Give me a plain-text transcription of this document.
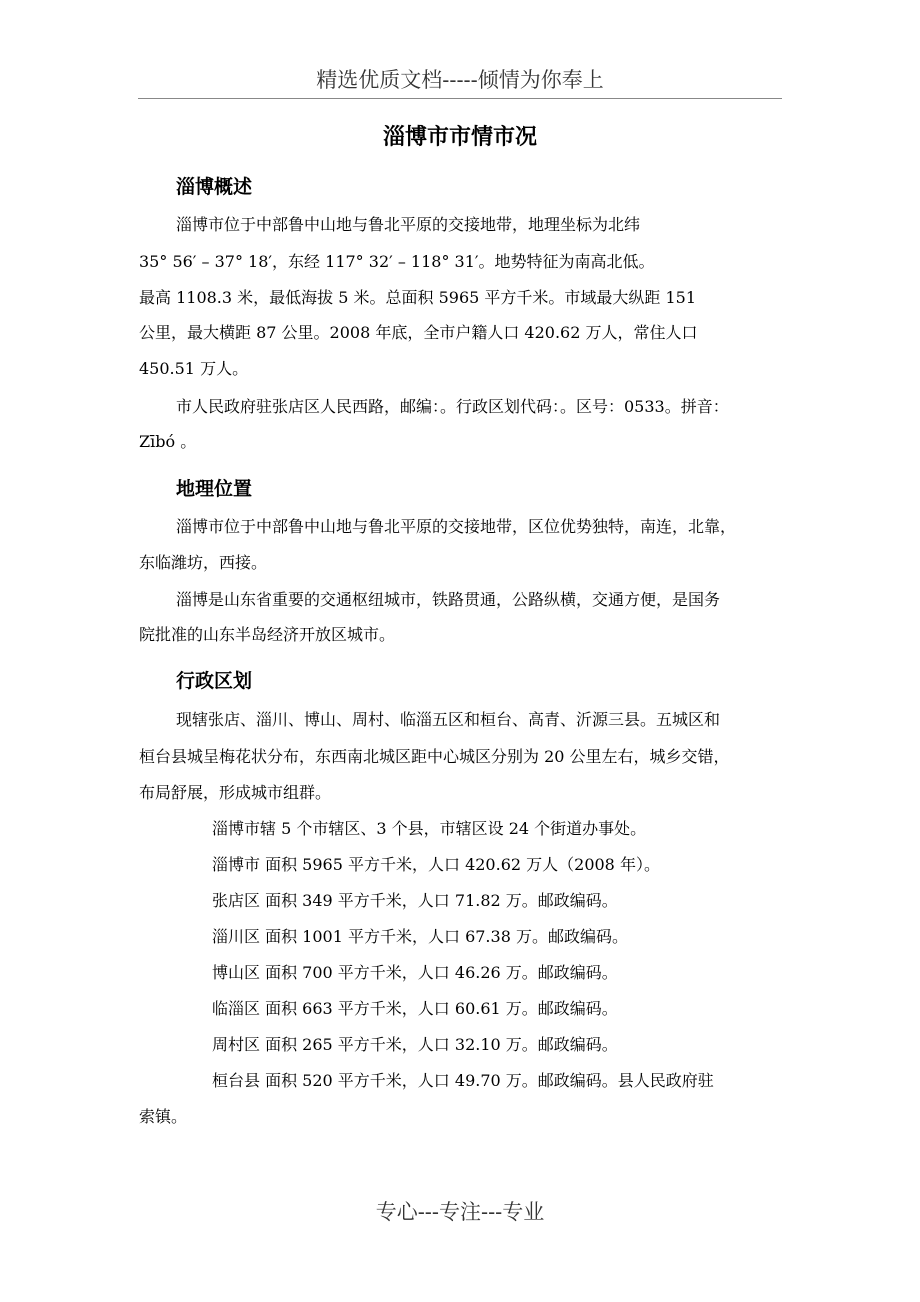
精选优质文档-----倾情为你奉上
淄博市市情市况
淄博概述
淄博市位于中部鲁中山地与鲁北平原的交接地带，地理坐标为北纬
35° 56′ – 37° 18′，东经 117° 32′ – 118° 31′。地势特征为南高北低。
最高 1108.3 米，最低海拔 5 米。总面积 5965 平方千米。市域最大纵距 151
公里，最大横距 87 公里。2008 年底，全市户籍人口 420.62 万人，常住人口
450.51 万人。
市人民政府驻张店区人民西路，邮编：。行政区划代码：。区号：0533。拼音：
Zībó 。
地理位置
淄博市位于中部鲁中山地与鲁北平原的交接地带，区位优势独特，南连，北靠，
东临潍坊，西接。
淄博是山东省重要的交通枢纽城市，铁路贯通，公路纵横，交通方便，是国务
院批准的山东半岛经济开放区城市。
行政区划
现辖张店、淄川、博山、周村、临淄五区和桓台、高青、沂源三县。五城区和
桓台县城呈梅花状分布，东西南北城区距中心城区分别为 20 公里左右，城乡交错，
布局舒展，形成城市组群。
淄博市辖 5 个市辖区、3 个县，市辖区设 24 个街道办事处。
淄博市 面积 5965 平方千米，人口 420.62 万人（2008 年）。
张店区 面积 349 平方千米，人口 71.82 万。邮政编码。
淄川区 面积 1001 平方千米，人口 67.38 万。邮政编码。
博山区 面积 700 平方千米，人口 46.26 万。邮政编码。
临淄区 面积 663 平方千米，人口 60.61 万。邮政编码。
周村区 面积 265 平方千米，人口 32.10 万。邮政编码。
桓台县 面积 520 平方千米，人口 49.70 万。邮政编码。县人民政府驻
索镇。
专心---专注---专业
